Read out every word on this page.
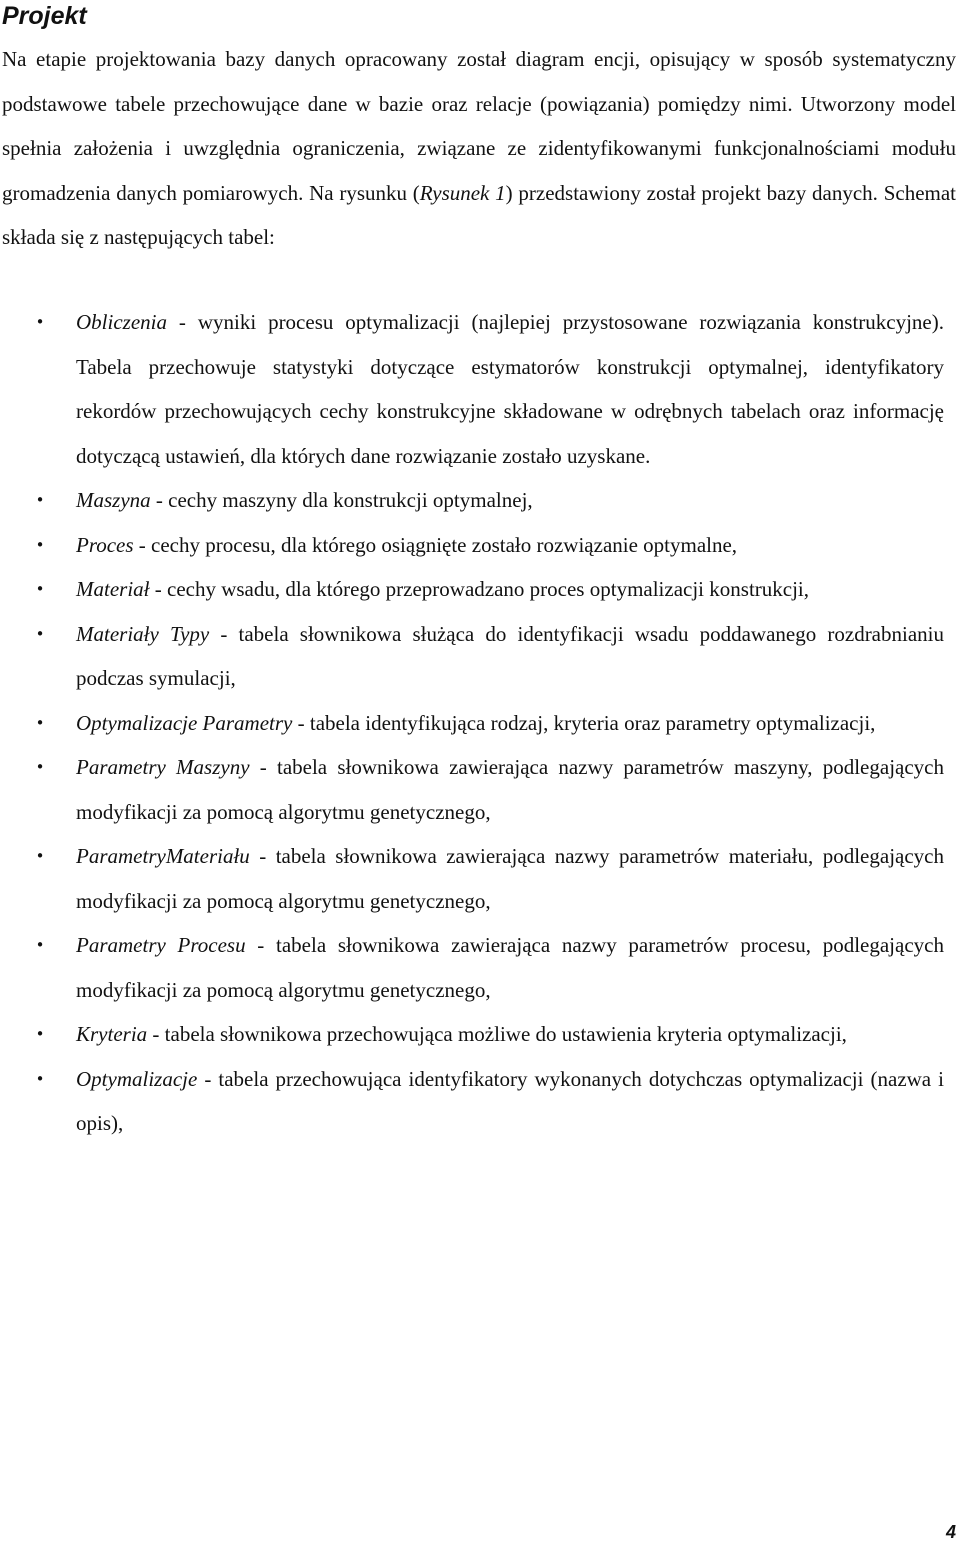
Projekt

Na etapie projektowania bazy danych opracowany został diagram encji, opisujący w sposób systematyczny podstawowe tabele przechowujące dane w bazie oraz relacje (powiązania) pomiędzy nimi. Utworzony model spełnia założenia i uwzględnia ograniczenia, związane ze zidentyfikowanymi funkcjonalnościami modułu gromadzenia danych pomiarowych. Na rysunku (Rysunek 1) przedstawiony został projekt bazy danych. Schemat składa się z następujących tabel:

• Obliczenia - wyniki procesu optymalizacji (najlepiej przystosowane rozwiązania konstrukcyjne). Tabela przechowuje statystyki dotyczące estymatorów konstrukcji optymalnej, identyfikatory rekordów przechowujących cechy konstrukcyjne składowane w odrębnych tabelach oraz informację dotyczącą ustawień, dla których dane rozwiązanie zostało uzyskane.
• Maszyna - cechy maszyny dla konstrukcji optymalnej,
• Proces - cechy procesu, dla którego osiągnięte zostało rozwiązanie optymalne,
• Materiał - cechy wsadu, dla którego przeprowadzano proces optymalizacji konstrukcji,
• Materiały Typy - tabela słownikowa służąca do identyfikacji wsadu poddawanego rozdrabnianiu podczas symulacji,
• Optymalizacje Parametry - tabela identyfikująca rodzaj, kryteria oraz parametry optymalizacji,
• Parametry Maszyny - tabela słownikowa zawierająca nazwy parametrów maszyny, podlegających modyfikacji za pomocą algorytmu genetycznego,
• ParametryMateriału - tabela słownikowa zawierająca nazwy parametrów materiału, podlegających modyfikacji za pomocą algorytmu genetycznego,
• Parametry Procesu - tabela słownikowa zawierająca nazwy parametrów procesu, podlegających modyfikacji za pomocą algorytmu genetycznego,
• Kryteria - tabela słownikowa przechowująca możliwe do ustawienia kryteria optymalizacji,
• Optymalizacje - tabela przechowująca identyfikatory wykonanych dotychczas optymalizacji (nazwa i opis),
4
